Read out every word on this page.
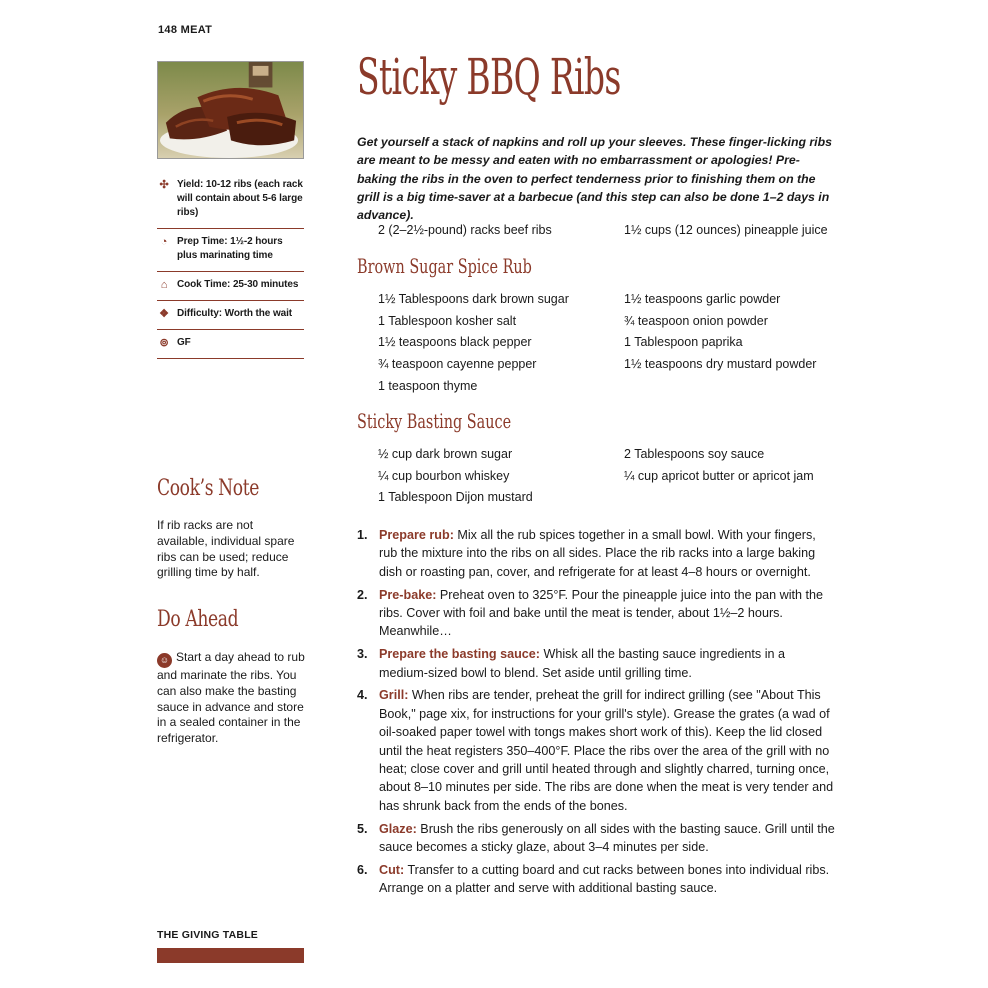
148 MEAT
✣ Yield: 10-12 ribs (each rack will contain about 5-6 large ribs)
◔ Prep Time: 1½-2 hours plus marinating time
⌂ Cook Time: 25-30 minutes
❖ Difficulty: Worth the wait
⊚ GF
Cook’s Note
If rib racks are not available, individual spare ribs can be used; reduce grilling time by half.
Do Ahead
☺ Start a day ahead to rub and marinate the ribs. You can also make the basting sauce in advance and store in a sealed container in the refrigerator.
THE GIVING TABLE
Sticky BBQ Ribs
Get yourself a stack of napkins and roll up your sleeves. These finger-licking ribs are meant to be messy and eaten with no embarrassment or apologies! Pre-baking the ribs in the oven to perfect tenderness prior to finishing them on the grill is a big time-saver at a barbecue (and this step can also be done 1–2 days in advance).
2 (2–2½-pound) racks beef ribs	1½ cups (12 ounces) pineapple juice
Brown Sugar Spice Rub
1½ Tablespoons dark brown sugar
1 Tablespoon kosher salt
1½ teaspoons black pepper
¾ teaspoon cayenne pepper
1 teaspoon thyme
1½ teaspoons garlic powder
¾ teaspoon onion powder
1 Tablespoon paprika
1½ teaspoons dry mustard powder
Sticky Basting Sauce
½ cup dark brown sugar
¼ cup bourbon whiskey
1 Tablespoon Dijon mustard
2 Tablespoons soy sauce
¼ cup apricot butter or apricot jam
1. Prepare rub: Mix all the rub spices together in a small bowl. With your fingers, rub the mixture into the ribs on all sides. Place the rib racks into a large baking dish or roasting pan, cover, and refrigerate for at least 4–8 hours or overnight.
2. Pre-bake: Preheat oven to 325°F. Pour the pineapple juice into the pan with the ribs. Cover with foil and bake until the meat is tender, about 1½–2 hours. Meanwhile…
3. Prepare the basting sauce: Whisk all the basting sauce ingredients in a medium-sized bowl to blend. Set aside until grilling time.
4. Grill: When ribs are tender, preheat the grill for indirect grilling (see "About This Book," page xix, for instructions for your grill's style). Grease the grates (a wad of oil-soaked paper towel with tongs makes short work of this). Keep the lid closed until the heat registers 350–400°F. Place the ribs over the area of the grill with no heat; close cover and grill until heated through and slightly charred, turning once, about 8–10 minutes per side. The ribs are done when the meat is very tender and has shrunk back from the ends of the bones.
5. Glaze: Brush the ribs generously on all sides with the basting sauce. Grill until the sauce becomes a sticky glaze, about 3–4 minutes per side.
6. Cut: Transfer to a cutting board and cut racks between bones into individual ribs. Arrange on a platter and serve with additional basting sauce.
